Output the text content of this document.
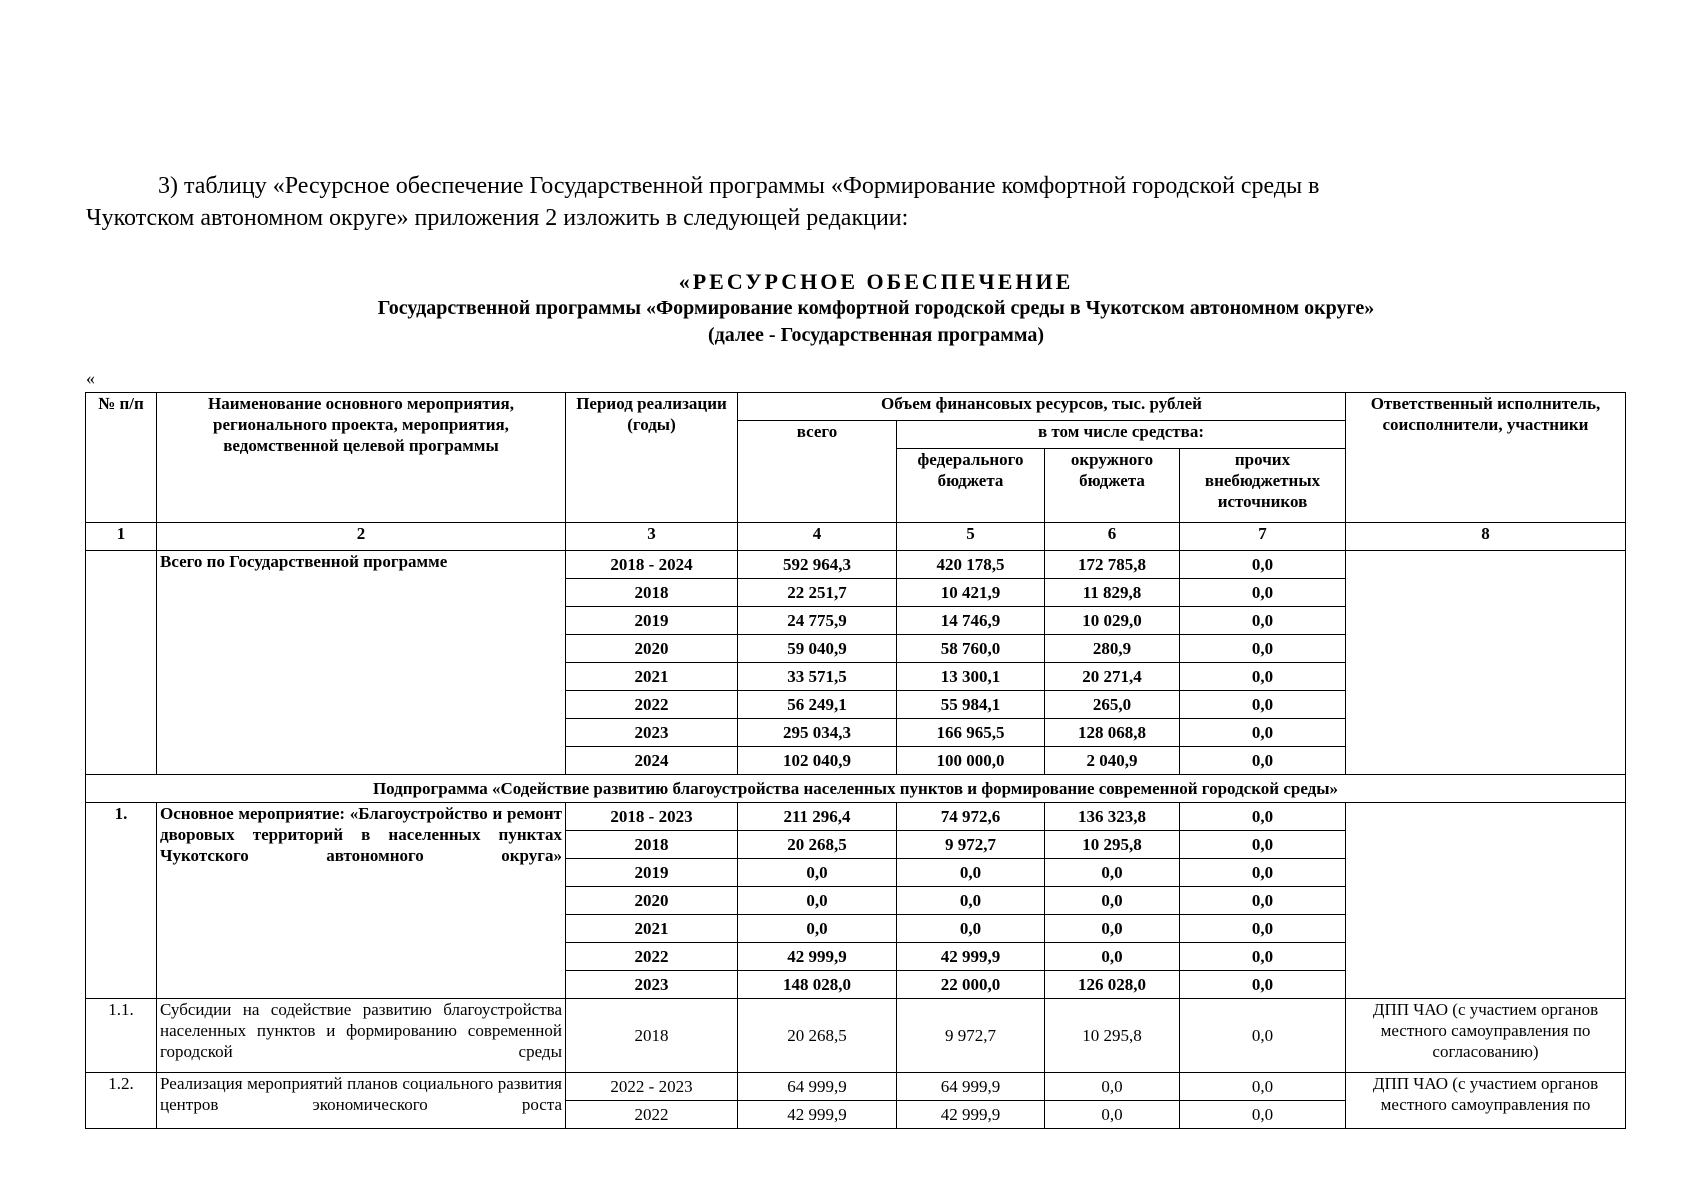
3) таблицу «Ресурсное обеспечение Государственной программы «Формирование комфортной городской среды в
Чукотском автономном округе» приложения 2 изложить в следующей редакции:
«РЕСУРСНОЕ ОБЕСПЕЧЕНИЕ
Государственной программы «Формирование комфортной городской среды в Чукотском автономном округе»
(далее - Государственная программа)
«
№ п/п	Наименование основного мероприятия, регионального проекта, мероприятия, ведомственной целевой программы	Период реализации (годы)	Объем финансовых ресурсов, тыс. рублей				Ответственный исполнитель, соисполнители, участники
			всего	в том числе средства:			
				федерального бюджета	окружного бюджета	прочих внебюджетных источников	
1	2	3	4	5	6	7	8
	Всего по Государственной программе	2018 - 2024	592 964,3	420 178,5	172 785,8	0,0	
		2018	22 251,7	10 421,9	11 829,8	0,0	
		2019	24 775,9	14 746,9	10 029,0	0,0	
		2020	59 040,9	58 760,0	280,9	0,0	
		2021	33 571,5	13 300,1	20 271,4	0,0	
		2022	56 249,1	55 984,1	265,0	0,0	
		2023	295 034,3	166 965,5	128 068,8	0,0	
		2024	102 040,9	100 000,0	2 040,9	0,0	
Подпрограмма «Содействие развитию благоустройства населенных пунктов и формирование современной городской среды»							
1.	Основное мероприятие: «Благоустройство и ремонт дворовых территорий в населенных пунктах Чукотского автономного округа»	2018 - 2023	211 296,4	74 972,6	136 323,8	0,0	
		2018	20 268,5	9 972,7	10 295,8	0,0	
		2019	0,0	0,0	0,0	0,0	
		2020	0,0	0,0	0,0	0,0	
		2021	0,0	0,0	0,0	0,0	
		2022	42 999,9	42 999,9	0,0	0,0	
		2023	148 028,0	22 000,0	126 028,0	0,0	
1.1.	Субсидии на содействие развитию благоустройства населенных пунктов и формированию современной городской среды	2018	20 268,5	9 972,7	10 295,8	0,0	ДПП ЧАО (с участием органов местного самоуправления по согласованию)
1.2.	Реализация мероприятий планов социального развития центров экономического роста	2022 - 2023	64 999,9	64 999,9	0,0	0,0	ДПП ЧАО (с участием органов местного самоуправления по
		2022	42 999,9	42 999,9	0,0	0,0	
